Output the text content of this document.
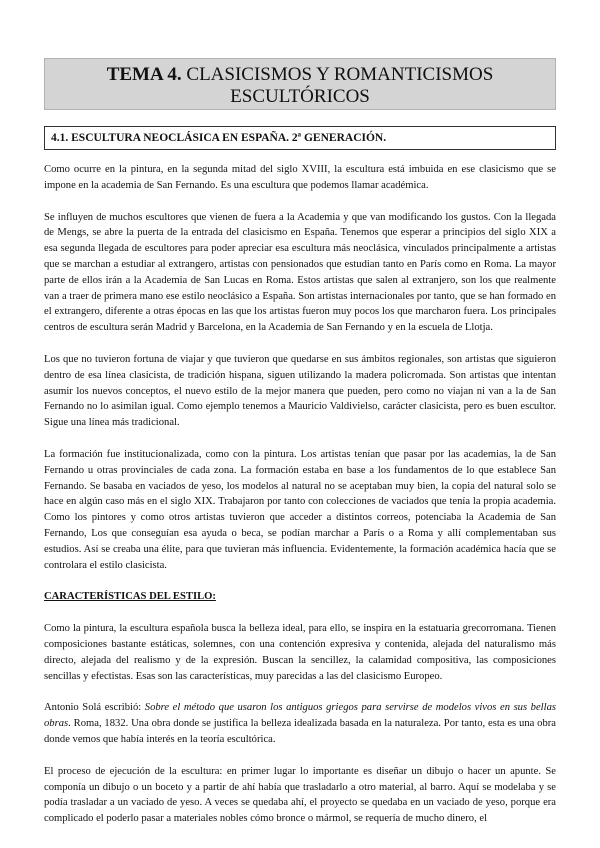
TEMA 4. CLASICISMOS Y ROMANTICISMOS ESCULTÓRICOS
4.1. ESCULTURA NEOCLÁSICA EN ESPAÑA. 2ª GENERACIÓN.

Como ocurre en la pintura, en la segunda mitad del siglo XVIII, la escultura está imbuida en ese clasicismo que se impone en la academia de San Fernando. Es una escultura que podemos llamar académica.

Se influyen de muchos escultores que vienen de fuera a la Academia y que van modificando los gustos. Con la llegada de Mengs, se abre la puerta de la entrada del clasicismo en España. Tenemos que esperar a principios del siglo XIX a esa segunda llegada de escultores para poder apreciar esa escultura más neoclásica, vinculados principalmente a artistas que se marchan a estudiar al extrangero, artistas con pensionados que estudian tanto en París como en Roma. La mayor parte de ellos irán a la Academia de San Lucas en Roma. Estos artistas que salen al extranjero, son los que realmente van a traer de primera mano ese estilo neoclásico a España. Son artistas internacionales por tanto, que se han formado en el extrangero, diferente a otras épocas en las que los artistas fueron muy pocos los que marcharon fuera. Los principales centros de escultura serán Madrid y Barcelona, en la Academia de San Fernando y en la escuela de Llotja.

Los que no tuvieron fortuna de viajar y que tuvieron que quedarse en sus ámbitos regionales, son artistas que siguieron dentro de esa línea clasicista, de tradición hispana, siguen utilizando la madera policromada. Son artistas que intentan asumir los nuevos conceptos, el nuevo estilo de la mejor manera que pueden, pero como no viajan ni van a la de San Fernando no lo asimilan igual. Como ejemplo tenemos a Mauricio Valdivielso, carácter clasicista, pero es buen escultor. Sigue una línea más tradicional.

La formación fue institucionalizada, como con la pintura. Los artistas tenían que pasar por las academias, la de San Fernando u otras provinciales de cada zona. La formación estaba en base a los fundamentos de lo que establece San Fernando. Se basaba en vaciados de yeso, los modelos al natural no se aceptaban muy bien, la copia del natural solo se hace en algún caso más en el siglo XIX. Trabajaron por tanto con colecciones de vaciados que tenía la propia academia. Como los pintores y como otros artistas tuvieron que acceder a distintos correos, potenciaba la Academia de San Fernando, Los que conseguían esa ayuda o beca, se podían marchar a París o a Roma y allí complementaban sus estudios. Así se creaba una élite, para que tuvieran más influencia. Evidentemente, la formación académica hacía que se controlara el estilo clasicista.

CARACTERÍSTICAS DEL ESTILO:

Como la pintura, la escultura española busca la belleza ideal, para ello, se inspira en la estatuaria grecorromana. Tienen composiciones bastante estáticas, solemnes, con una contención expresiva y contenida, alejada del naturalismo más directo, alejada del realismo y de la expresión. Buscan la sencillez, la calamidad compositiva, las composiciones sencillas y efectistas. Esas son las características, muy parecidas a las del clasicismo Europeo.

Antonio Solá escribió: Sobre el método que usaron los antiguos griegos para servirse de modelos vivos en sus bellas obras. Roma, 1832. Una obra donde se justifica la belleza idealizada basada en la naturaleza. Por tanto, esta es una obra donde vemos que había interés en la teoría escultórica.

El proceso de ejecución de la escultura: en primer lugar lo importante es diseñar un dibujo o hacer un apunte. Se componía un dibujo o un boceto y a partir de ahí había que trasladarlo a otro material, al barro. Aquí se modelaba y se podía trasladar a un vaciado de yeso. A veces se quedaba ahí, el proyecto se quedaba en un vaciado de yeso, porque era complicado el poderlo pasar a materiales nobles cómo bronce o mármol, se requería de mucho dinero, el
